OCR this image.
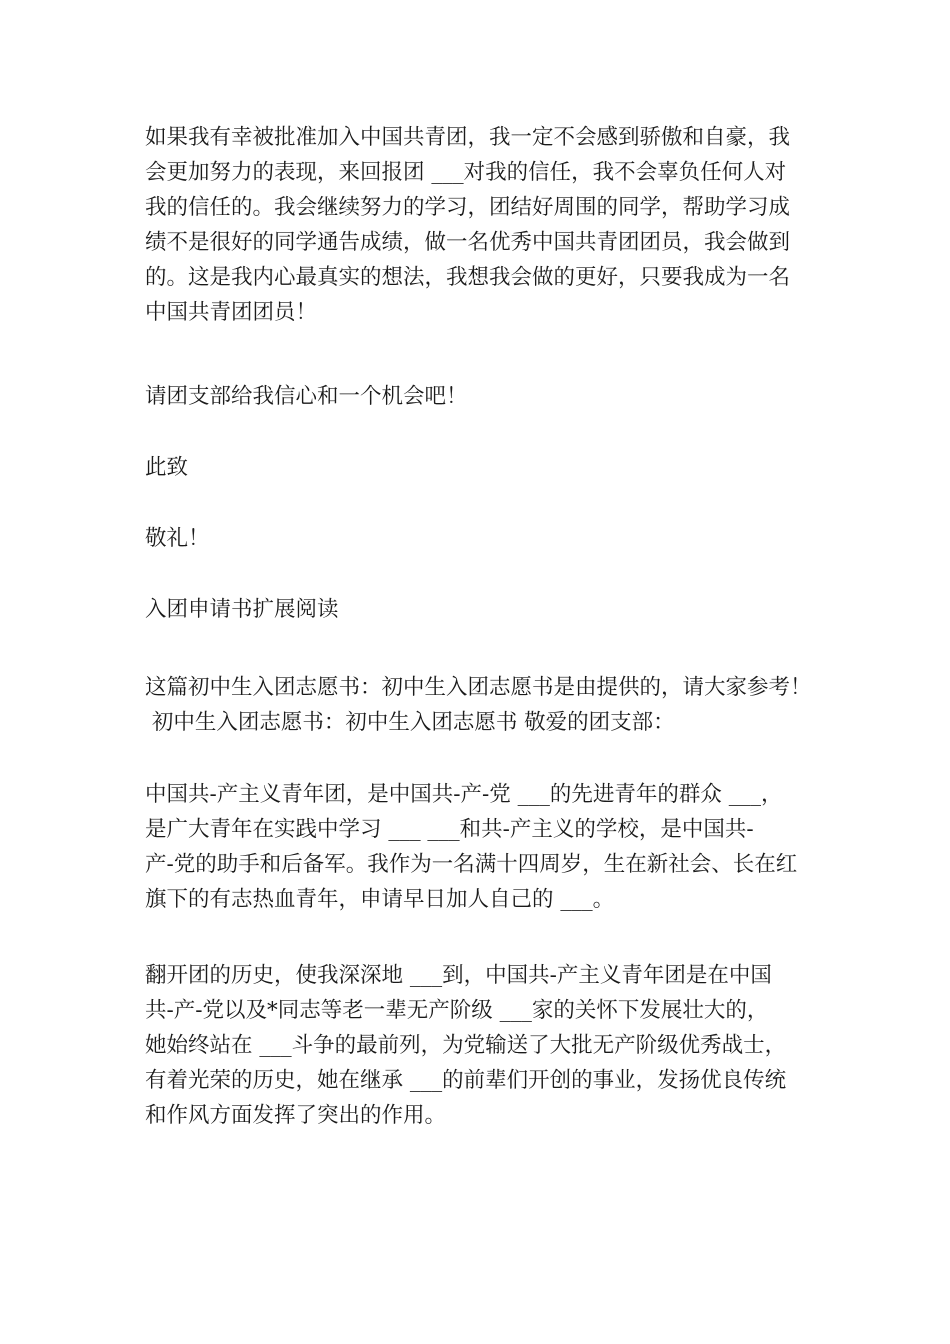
如果我有幸被批准加入中国共青团，我一定不会感到骄傲和自豪，我
会更加努力的表现，来回报团 ___对我的信任，我不会辜负任何人对
我的信任的。我会继续努力的学习，团结好周围的同学，帮助学习成
绩不是很好的同学通告成绩，做一名优秀中国共青团团员，我会做到
的。这是我内心最真实的想法，我想我会做的更好，只要我成为一名
中国共青团团员！
请团支部给我信心和一个机会吧！
此致
敬礼！
入团申请书扩展阅读
这篇初中生入团志愿书：初中生入团志愿书是由提供的，请大家参考！
初中生入团志愿书：初中生入团志愿书 敬爱的团支部：
中国共-产主义青年团，是中国共-产-党 ___的先进青年的群众 ___，
是广大青年在实践中学习 ___ ___和共-产主义的学校，是中国共-
产-党的助手和后备军。我作为一名满十四周岁，生在新社会、长在红
旗下的有志热血青年，申请早日加人自己的 ___。
翻开团的历史，使我深深地 ___到，中国共-产主义青年团是在中国
共-产-党以及*同志等老一辈无产阶级 ___家的关怀下发展壮大的，
她始终站在 ___斗争的最前列，为党输送了大批无产阶级优秀战士，
有着光荣的历史，她在继承 ___的前辈们开创的事业，发扬优良传统
和作风方面发挥了突出的作用。
